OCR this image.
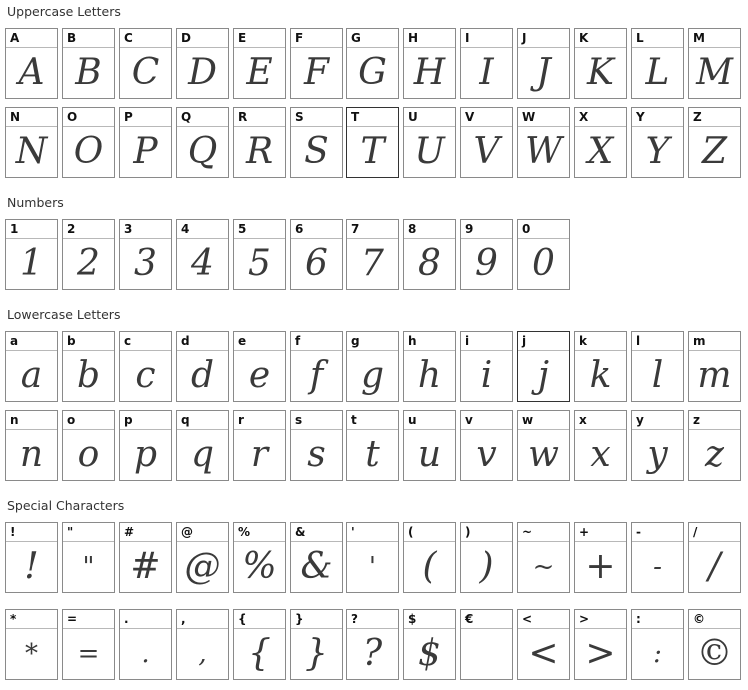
Uppercase Letters
A
A
B
B
C
C
D
D
E
E
F
F
G
G
H
H
I
I
J
J
K
K
L
L
M
M
N
N
O
O
P
P
Q
Q
R
R
S
S
T
T
U
U
V
V
W
W
X
X
Y
Y
Z
Z
Numbers
1
1
2
2
3
3
4
4
5
5
6
6
7
7
8
8
9
9
0
0
Lowercase Letters
a
a
b
b
c
c
d
d
e
e
f
f
g
g
h
h
i
i
j
j
k
k
l
l
m
m
n
n
o
o
p
p
q
q
r
r
s
s
t
t
u
u
v
v
w
w
x
x
y
y
z
z
Special Characters
!
!
"
"
#
#
@
@
%
%
&
&
'
'
(
(
)
)
~
~
+
+
-
-
/
/
*
*
=
=
.
.
,
,
{
{
}
}
?
?
$
$
€	<
<
>
>
:
:
©
©
